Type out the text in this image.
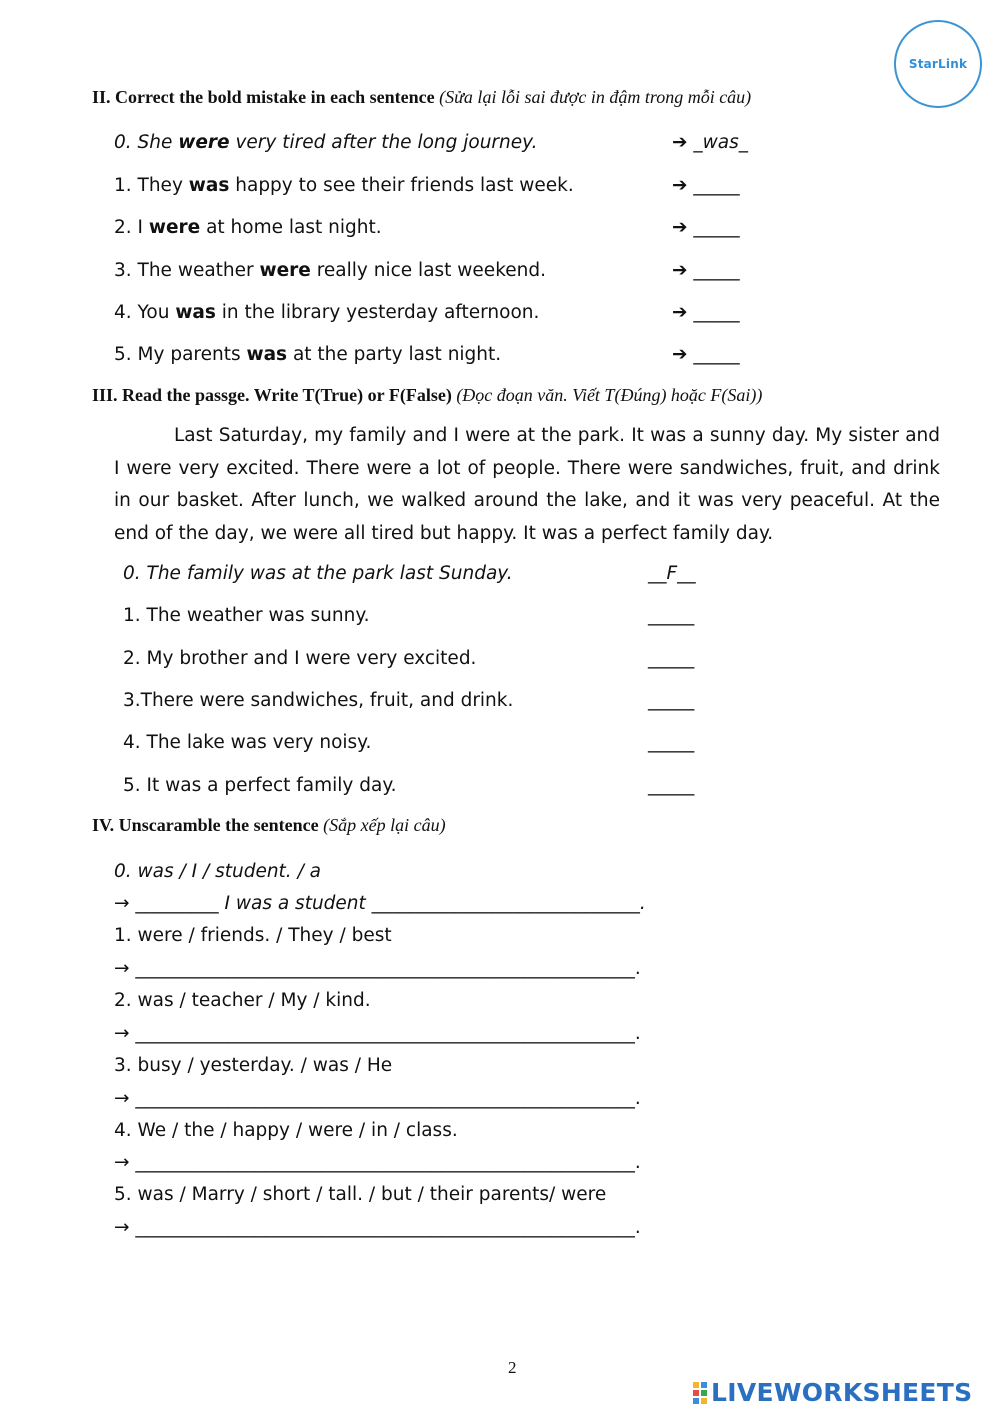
StarLink
II. Correct the bold mistake in each sentence (Sửa lại lỗi sai được in đậm trong mỗi câu)
0. She were very tired after the long journey.	➔ _was_
1. They was happy to see their friends last week.	➔ _____
2. I were at home last night.	➔ _____
3. The weather were really nice last weekend.	➔ _____
4. You was in the library yesterday afternoon.	➔ _____
5. My parents was at the party last night.	➔ _____
III. Read the passge. Write T(True) or F(False) (Đọc đoạn văn. Viết T(Đúng) hoặc F(Sai))
Last Saturday, my family and I were at the park. It was a sunny day. My sister and I were very excited. There were a lot of people. There were sandwiches, fruit, and drink in our basket. After lunch, we walked around the lake, and it was very peaceful. At the end of the day, we were all tired but happy. It was a perfect family day.
0. The family was at the park last Sunday.	__F__
1. The weather was sunny.	_____
2. My brother and I were very excited.	_____
3.There were sandwiches, fruit, and drink.	_____
4. The lake was very noisy.	_____
5. It was a perfect family day.	_____
IV. Unscaramble the sentence (Sắp xếp lại câu)
0. was / I / student. / a
→ _________ I was a student _____________________________.
1. were / friends. / They / best
→ ______________________________________________________.
2. was / teacher / My / kind.
→ ______________________________________________________.
3. busy / yesterday. / was / He
→ ______________________________________________________.
4. We / the / happy / were / in / class.
→ ______________________________________________________.
5. was / Marry / short / tall. / but / their parents/ were
→ ______________________________________________________.
2
LIVEWORKSHEETS
